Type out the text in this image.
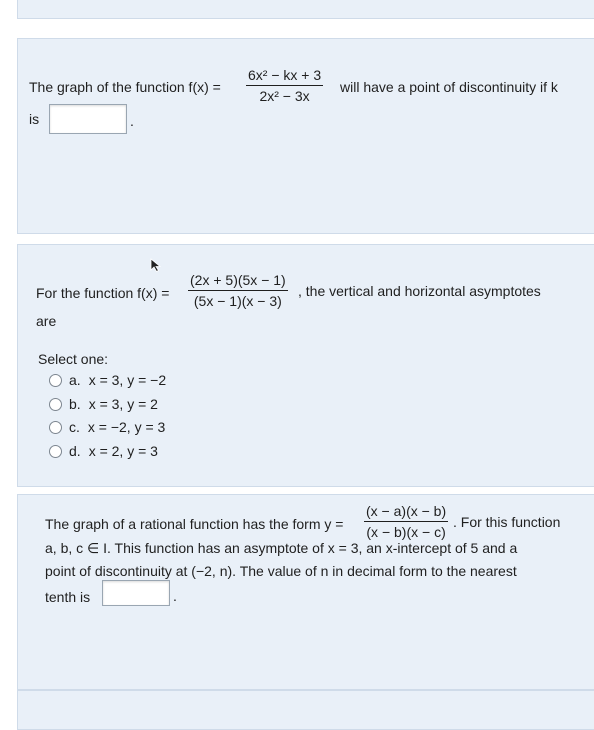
The graph of the function $f(x) = \frac{\text{6x² − kx + 3}}{\text{2x² − 3x}}$ will have a point of discontinuity if k
is	.
For the function $f(x) = \frac{(2x + 5)(5x - 1)}{(5x - 1)(x - 3)}$ , the vertical and horizontal asymptotes
are
Select one:
a. x = 3, y = −2
b. x = 3, y = 2
c. x = −2, y = 3
d. x = 2, y = 3
The graph of a rational function has the form $y = \frac{(x - a)(x - b)}{(x - b)(x - c)}$ . For this function
a, b, c ∈ I. This function has an asymptote of x = 3, an x-intercept of 5 and a
point of discontinuity at (−2, n). The value of n in decimal form to the nearest
tenth is	.
